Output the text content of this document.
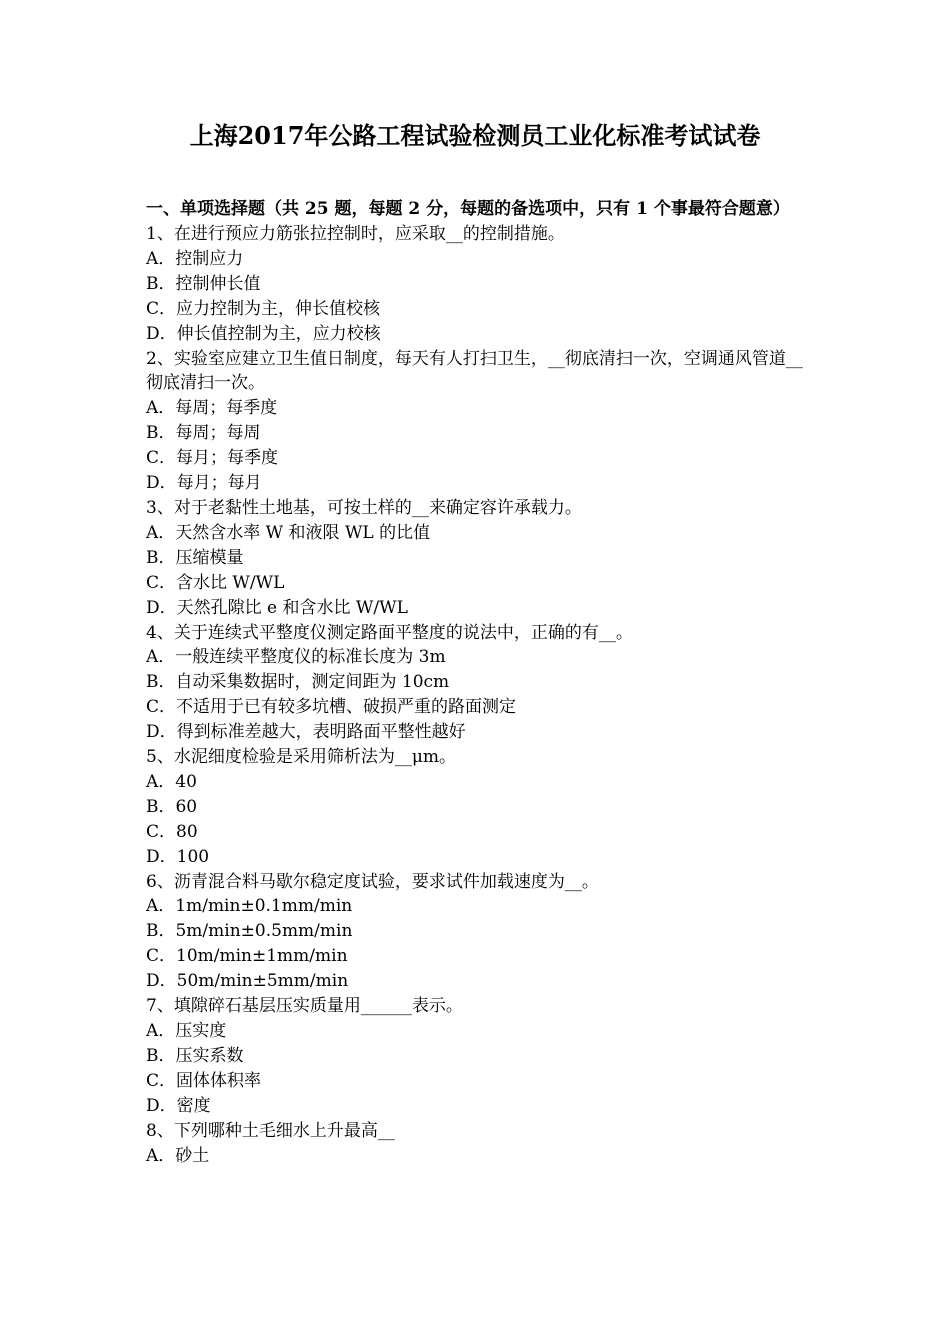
上海2017年公路工程试验检测员工业化标准考试试卷

一、单项选择题（共 25 题，每题 2 分，每题的备选项中，只有 1 个事最符合题意）

1、在进行预应力筋张拉控制时，应采取__的控制措施。

A．控制应力

B．控制伸长值

C．应力控制为主，伸长值校核

D．伸长值控制为主，应力校核

2、实验室应建立卫生值日制度，每天有人打扫卫生，__彻底清扫一次，空调通风管道__彻底清扫一次。

A．每周；每季度

B．每周；每周

C．每月；每季度

D．每月；每月

3、对于老黏性土地基，可按土样的__来确定容许承载力。

A．天然含水率 W 和液限 WL 的比值

B．压缩模量

C．含水比 W/WL

D．天然孔隙比 e 和含水比 W/WL

4、关于连续式平整度仪测定路面平整度的说法中，正确的有__。

A．一般连续平整度仪的标准长度为 3m

B．自动采集数据时，测定间距为 10cm

C．不适用于已有较多坑槽、破损严重的路面测定

D．得到标准差越大，表明路面平整性越好

5、水泥细度检验是采用筛析法为__μm。

A．40

B．60

C．80

D．100

6、沥青混合料马歇尔稳定度试验，要求试件加载速度为__。

A．1m/min±0.1mm/min

B．5m/min±0.5mm/min

C．10m/min±1mm/min

D．50m/min±5mm/min

7、填隙碎石基层压实质量用______表示。

A．压实度

B．压实系数

C．固体体积率

D．密度

8、下列哪种土毛细水上升最高__

A．砂土
